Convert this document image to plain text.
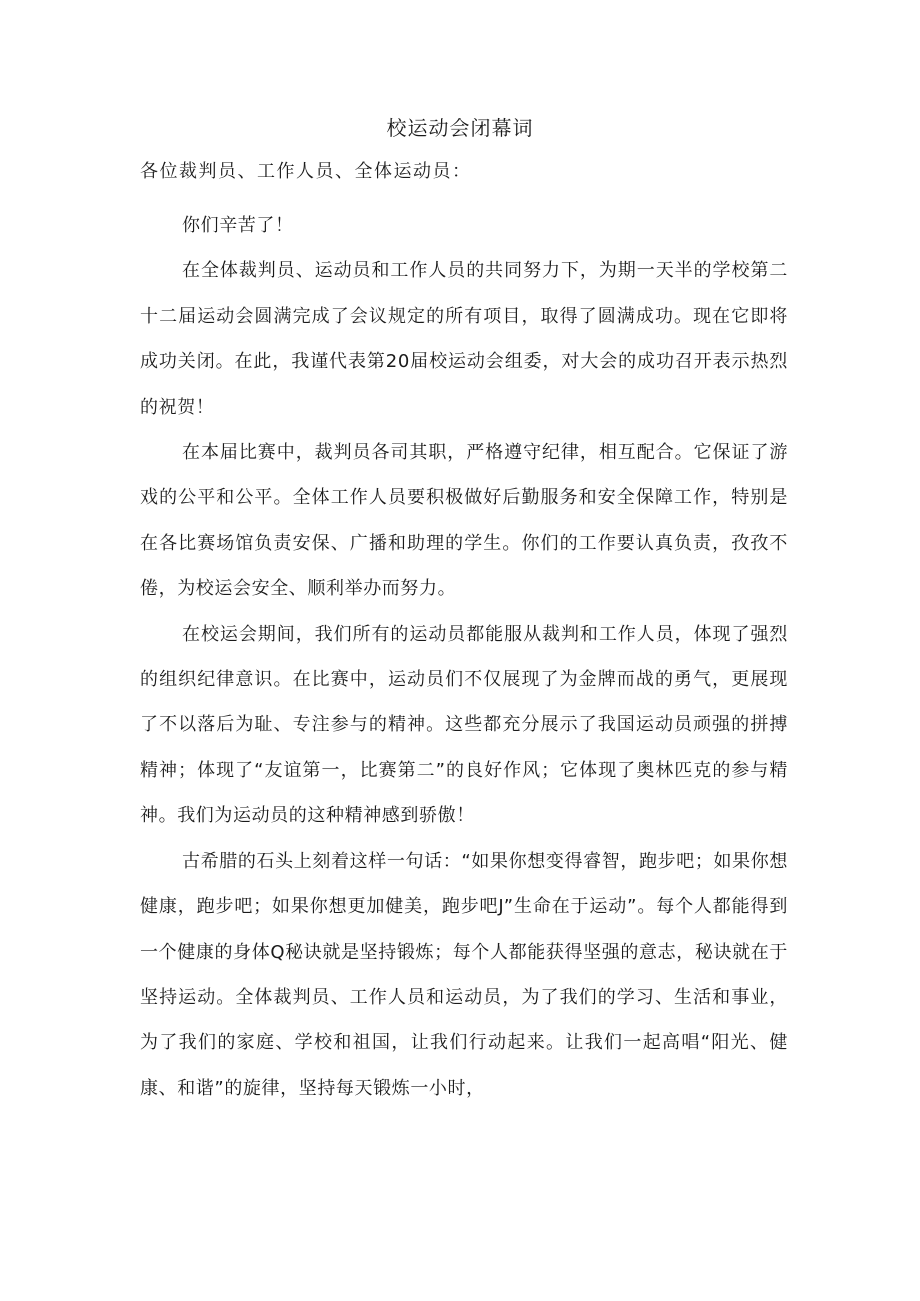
校运动会闭幕词
各位裁判员、工作人员、全体运动员：

你们辛苦了！

在全体裁判员、运动员和工作人员的共同努力下，为期一天半的学校第二十二届运动会圆满完成了会议规定的所有项目，取得了圆满成功。现在它即将成功关闭。在此，我谨代表第20届校运动会组委，对大会的成功召开表示热烈的祝贺！

在本届比赛中，裁判员各司其职，严格遵守纪律，相互配合。它保证了游戏的公平和公平。全体工作人员要积极做好后勤服务和安全保障工作，特别是在各比赛场馆负责安保、广播和助理的学生。你们的工作要认真负责，孜孜不倦，为校运会安全、顺利举办而努力。

在校运会期间，我们所有的运动员都能服从裁判和工作人员，体现了强烈的组织纪律意识。在比赛中，运动员们不仅展现了为金牌而战的勇气，更展现了不以落后为耻、专注参与的精神。这些都充分展示了我国运动员顽强的拼搏精神；体现了“友谊第一，比赛第二”的良好作风；它体现了奥林匹克的参与精神。我们为运动员的这种精神感到骄傲！

古希腊的石头上刻着这样一句话：“如果你想变得睿智，跑步吧；如果你想健康，跑步吧；如果你想更加健美，跑步吧J”生命在于运动”。每个人都能得到一个健康的身体Q秘诀就是坚持锻炼；每个人都能获得坚强的意志，秘诀就在于坚持运动。全体裁判员、工作人员和运动员，为了我们的学习、生活和事业，为了我们的家庭、学校和祖国，让我们行动起来。让我们一起高唱“阳光、健康、和谐”的旋律，坚持每天锻炼一小时，
